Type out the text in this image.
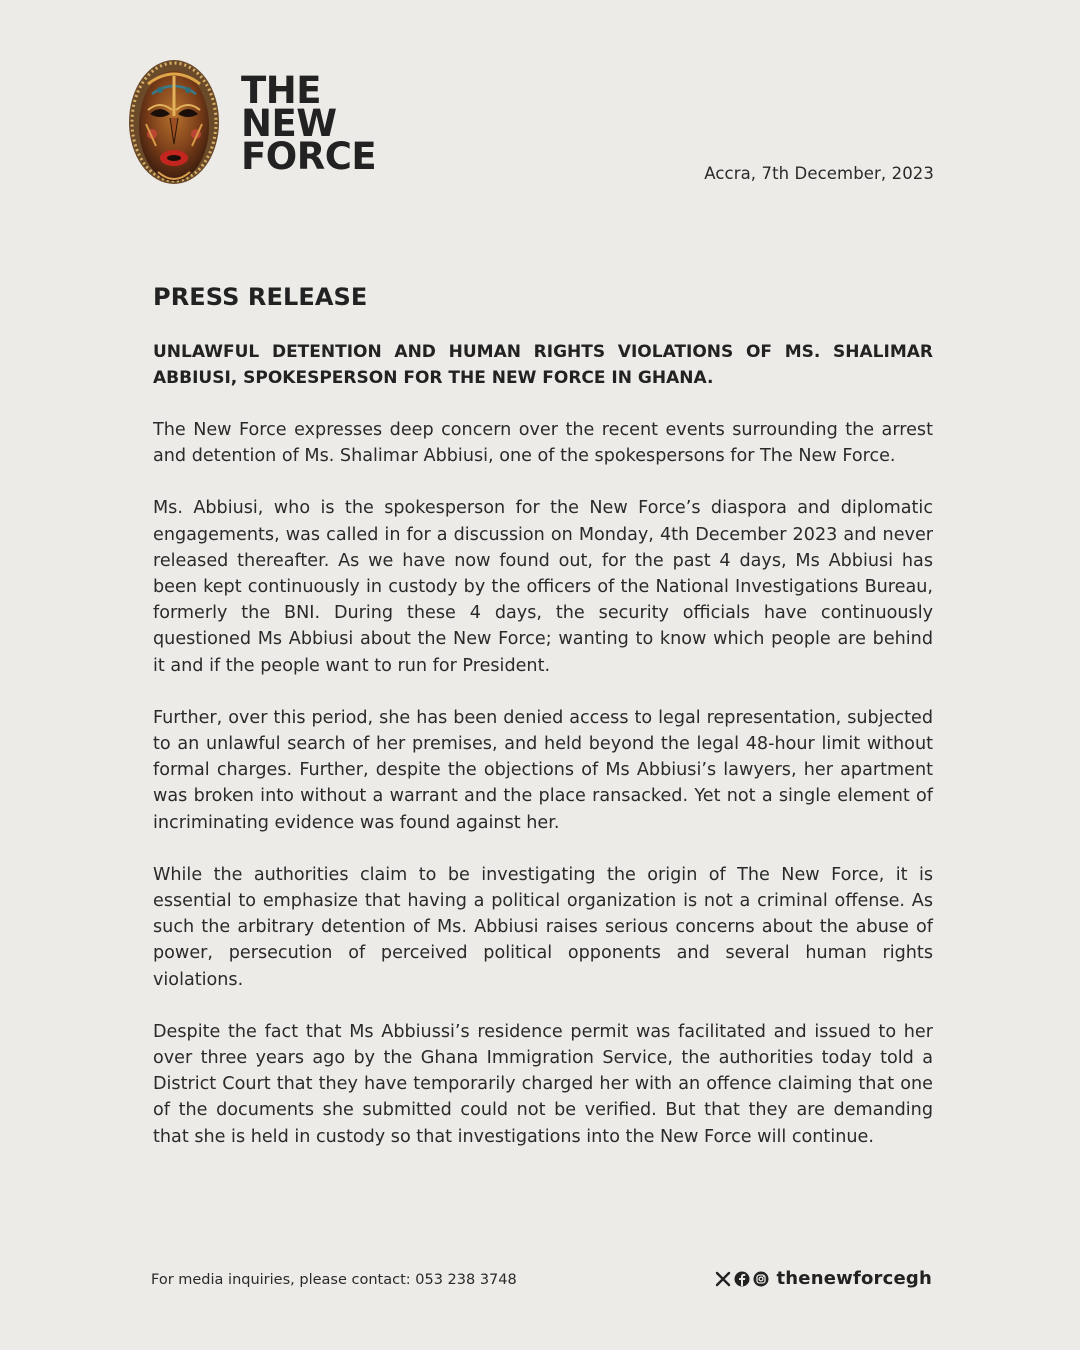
THE
NEW
FORCE	Accra, 7th December, 2023
PRESS RELEASE
UNLAWFUL DETENTION AND HUMAN RIGHTS VIOLATIONS OF MS. SHALIMAR ABBIUSI, SPOKESPERSON FOR THE NEW FORCE IN GHANA.

The New Force expresses deep concern over the recent events surrounding the arrest and detention of Ms. Shalimar Abbiusi, one of the spokespersons for The New Force.

Ms. Abbiusi, who is the spokesperson for the New Force’s diaspora and diplomatic engagements, was called in for a discussion on Monday, 4th December 2023 and never released thereafter. As we have now found out, for the past 4 days, Ms Abbiusi has been kept continuously in custody by the officers of the National Investigations Bureau, formerly the BNI. During these 4 days, the security officials have continuously questioned Ms Abbiusi about the New Force; wanting to know which people are behind it and if the people want to run for President.

Further, over this period, she has been denied access to legal representation, subjected to an unlawful search of her premises, and held beyond the legal 48-hour limit without formal charges. Further, despite the objections of Ms Abbiusi’s lawyers, her apartment was broken into without a warrant and the place ransacked. Yet not a single element of incriminating evidence was found against her.

While the authorities claim to be investigating the origin of The New Force, it is essential to emphasize that having a political organization is not a criminal offense. As such the arbitrary detention of Ms. Abbiusi raises serious concerns about the abuse of power, persecution of perceived political opponents and several human rights violations.

Despite the fact that Ms Abbiussi’s residence permit was facilitated and issued to her over three years ago by the Ghana Immigration Service, the authorities today told a District Court that they have temporarily charged her with an offence claiming that one of the documents she submitted could not be verified. But that they are demanding that she is held in custody so that investigations into the New Force will continue.

For media inquiries, please contact: 053 238 3748	thenewforcegh
